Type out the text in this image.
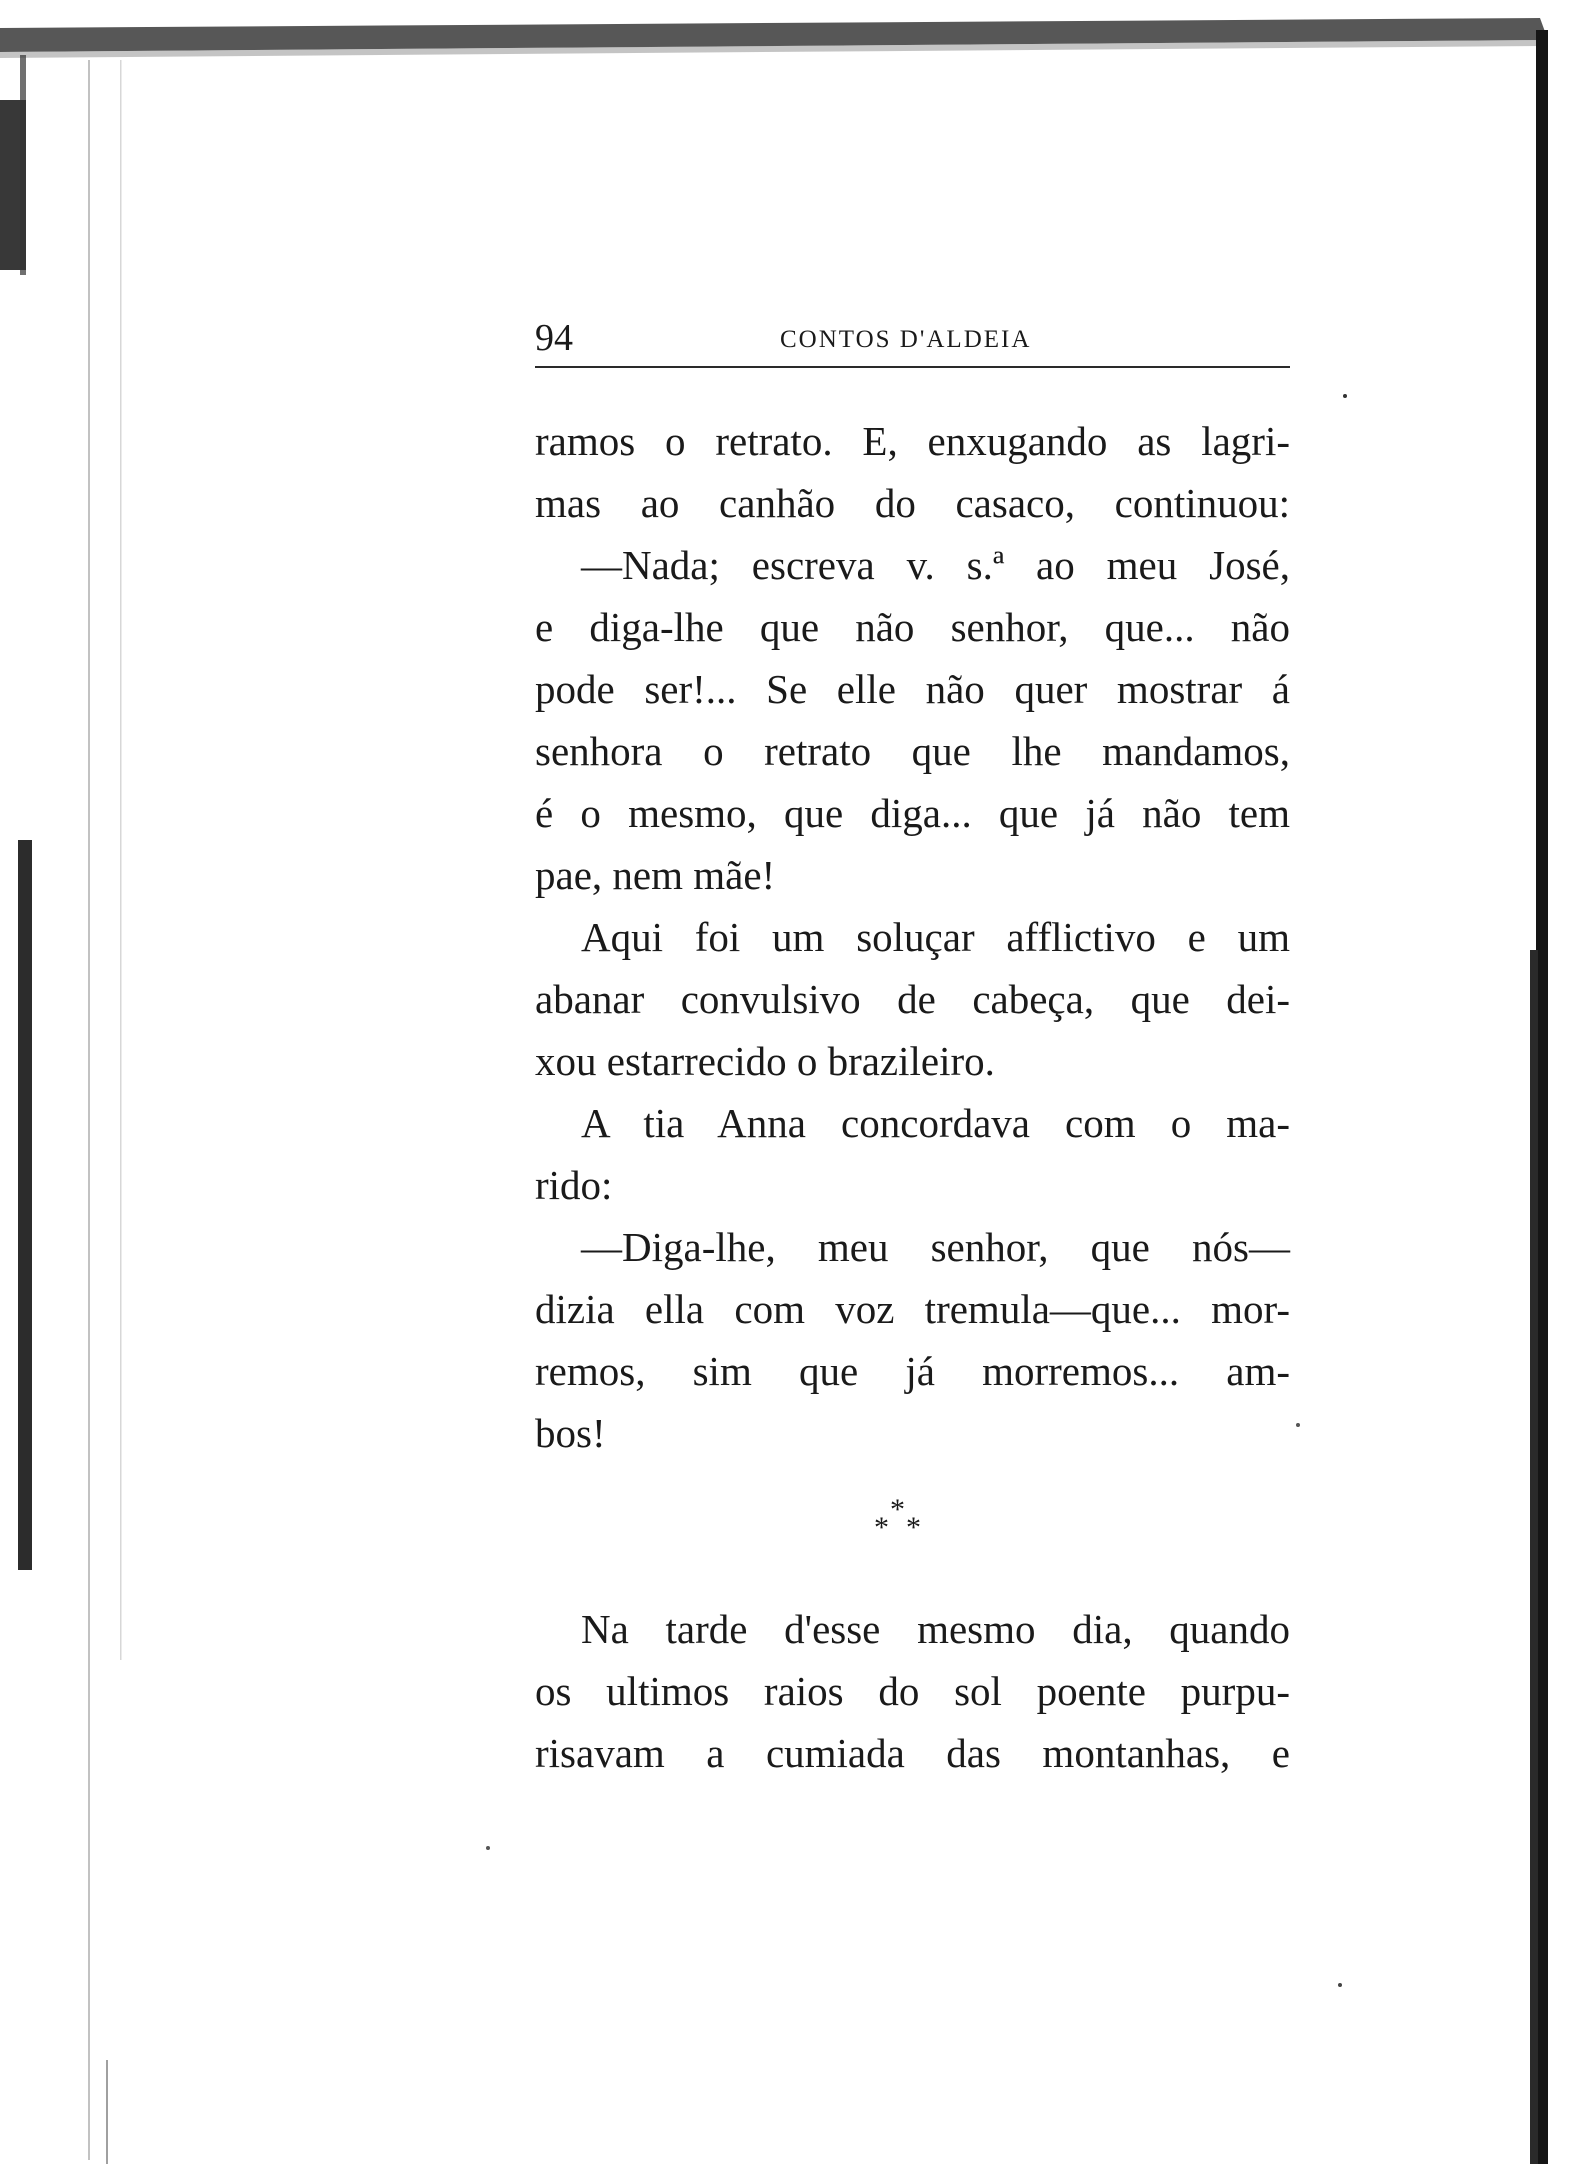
94	CONTOS D'ALDEIA
ramos o retrato. E, enxugando as lagri-
mas ao canhão do casaco, continuou:
—Nada; escreva v. s.ª ao meu José,
e diga-lhe que não senhor, que... não
pode ser!... Se elle não quer mostrar á
senhora o retrato que lhe mandamos,
é o mesmo, que diga... que já não tem
pae, nem mãe!
Aqui foi um soluçar afflictivo e um
abanar convulsivo de cabeça, que dei-
xou estarrecido o brazileiro.
A tia Anna concordava com o ma-
rido:
—Diga-lhe, meu senhor, que nós—
dizia ella com voz tremula—que... mor-
remos, sim que já morremos... am-
bos!
*
* *
Na tarde d'esse mesmo dia, quando
os ultimos raios do sol poente purpu-
risavam a cumiada das montanhas, e
